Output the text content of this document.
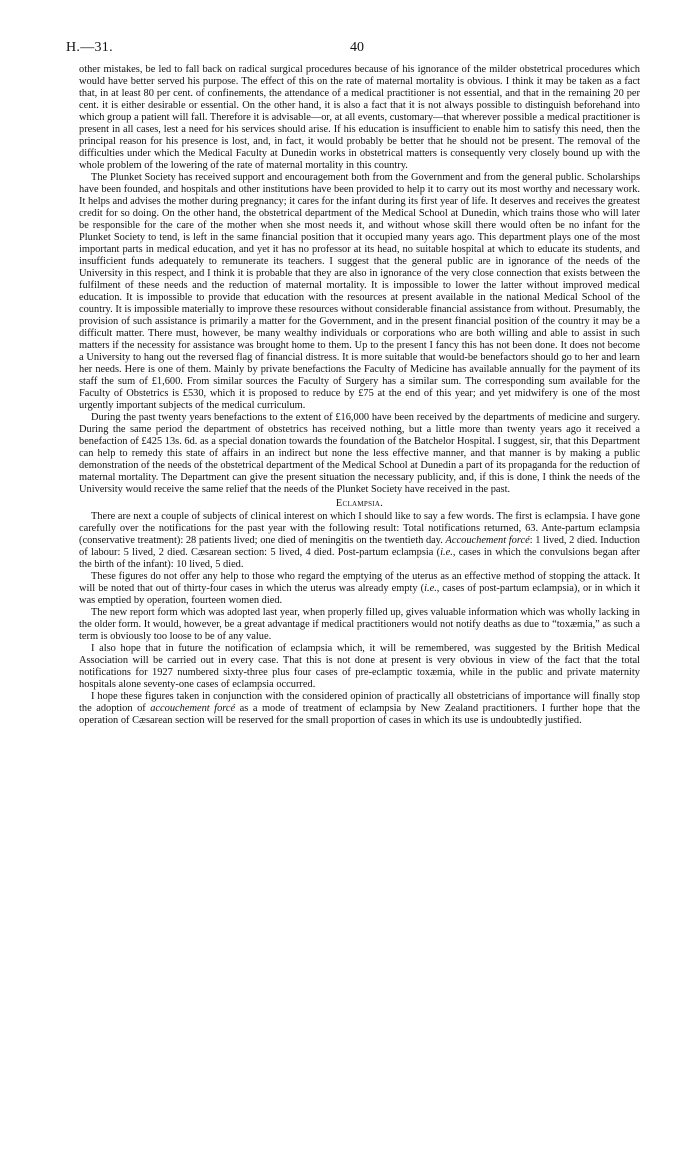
H.—31.	40

other mistakes, be led to fall back on radical surgical procedures because of his ignorance of the milder obstetrical procedures which would have better served his purpose. The effect of this on the rate of maternal mortality is obvious. I think it may be taken as a fact that, in at least 80 per cent. of confinements, the attendance of a medical practitioner is not essential, and that in the remaining 20 per cent. it is either desirable or essential. On the other hand, it is also a fact that it is not always possible to distinguish beforehand into which group a patient will fall. Therefore it is advisable—or, at all events, customary—that wherever possible a medical practitioner is present in all cases, lest a need for his services should arise. If his education is insufficient to enable him to satisfy this need, then the principal reason for his presence is lost, and, in fact, it would probably be better that he should not be present. The removal of the difficulties under which the Medical Faculty at Dunedin works in obstetrical matters is consequently very closely bound up with the whole problem of the lowering of the rate of maternal mortality in this country.

The Plunket Society has received support and encouragement both from the Government and from the general public. Scholarships have been founded, and hospitals and other institutions have been provided to help it to carry out its most worthy and necessary work. It helps and advises the mother during pregnancy; it cares for the infant during its first year of life. It deserves and receives the greatest credit for so doing. On the other hand, the obstetrical department of the Medical School at Dunedin, which trains those who will later be responsible for the care of the mother when she most needs it, and without whose skill there would often be no infant for the Plunket Society to tend, is left in the same financial position that it occupied many years ago. This department plays one of the most important parts in medical education, and yet it has no professor at its head, no suitable hospital at which to educate its students, and insufficient funds adequately to remunerate its teachers. I suggest that the general public are in ignorance of the needs of the University in this respect, and I think it is probable that they are also in ignorance of the very close connection that exists between the fulfilment of these needs and the reduction of maternal mortality. It is impossible to lower the latter without improved medical education. It is impossible to provide that education with the resources at present available in the national Medical School of the country. It is impossible materially to improve these resources without considerable financial assistance from without. Presumably, the provision of such assistance is primarily a matter for the Government, and in the present financial position of the country it may be a difficult matter. There must, however, be many wealthy individuals or corporations who are both willing and able to assist in such matters if the necessity for assistance was brought home to them. Up to the present I fancy this has not been done. It does not become a University to hang out the reversed flag of financial distress. It is more suitable that would-be benefactors should go to her and learn her needs. Here is one of them. Mainly by private benefactions the Faculty of Medicine has available annually for the payment of its staff the sum of £1,600. From similar sources the Faculty of Surgery has a similar sum. The corresponding sum available for the Faculty of Obstetrics is £530, which it is proposed to reduce by £75 at the end of this year; and yet midwifery is one of the most urgently important subjects of the medical curriculum.

During the past twenty years benefactions to the extent of £16,000 have been received by the departments of medicine and surgery. During the same period the department of obstetrics has received nothing, but a little more than twenty years ago it received a benefaction of £425 13s. 6d. as a special donation towards the foundation of the Batchelor Hospital. I suggest, sir, that this Department can help to remedy this state of affairs in an indirect but none the less effective manner, and that manner is by making a public demonstration of the needs of the obstetrical department of the Medical School at Dunedin a part of its propaganda for the reduction of maternal mortality. The Department can give the present situation the necessary publicity, and, if this is done, I think the needs of the University would receive the same relief that the needs of the Plunket Society have received in the past.

Eclampsia.

There are next a couple of subjects of clinical interest on which I should like to say a few words. The first is eclampsia. I have gone carefully over the notifications for the past year with the following result: Total notifications returned, 63. Ante-partum eclampsia (conservative treatment): 28 patients lived; one died of meningitis on the twentieth day. Accouchement forcé: 1 lived, 2 died. Induction of labour: 5 lived, 2 died. Cæsarean section: 5 lived, 4 died. Post-partum eclampsia (i.e., cases in which the convulsions began after the birth of the infant): 10 lived, 5 died.

These figures do not offer any help to those who regard the emptying of the uterus as an effective method of stopping the attack. It will be noted that out of thirty-four cases in which the uterus was already empty (i.e., cases of post-partum eclampsia), or in which it was emptied by operation, fourteen women died.

The new report form which was adopted last year, when properly filled up, gives valuable information which was wholly lacking in the older form. It would, however, be a great advantage if medical practitioners would not notify deaths as due to “toxæmia,” as such a term is obviously too loose to be of any value.

I also hope that in future the notification of eclampsia which, it will be remembered, was suggested by the British Medical Association will be carried out in every case. That this is not done at present is very obvious in view of the fact that the total notifications for 1927 numbered sixty-three plus four cases of pre-eclamptic toxæmia, while in the public and private maternity hospitals alone seventy-one cases of eclampsia occurred.

I hope these figures taken in conjunction with the considered opinion of practically all obstetricians of importance will finally stop the adoption of accouchement forcé as a mode of treatment of eclampsia by New Zealand practitioners. I further hope that the operation of Cæsarean section will be reserved for the small proportion of cases in which its use is undoubtedly justified.
